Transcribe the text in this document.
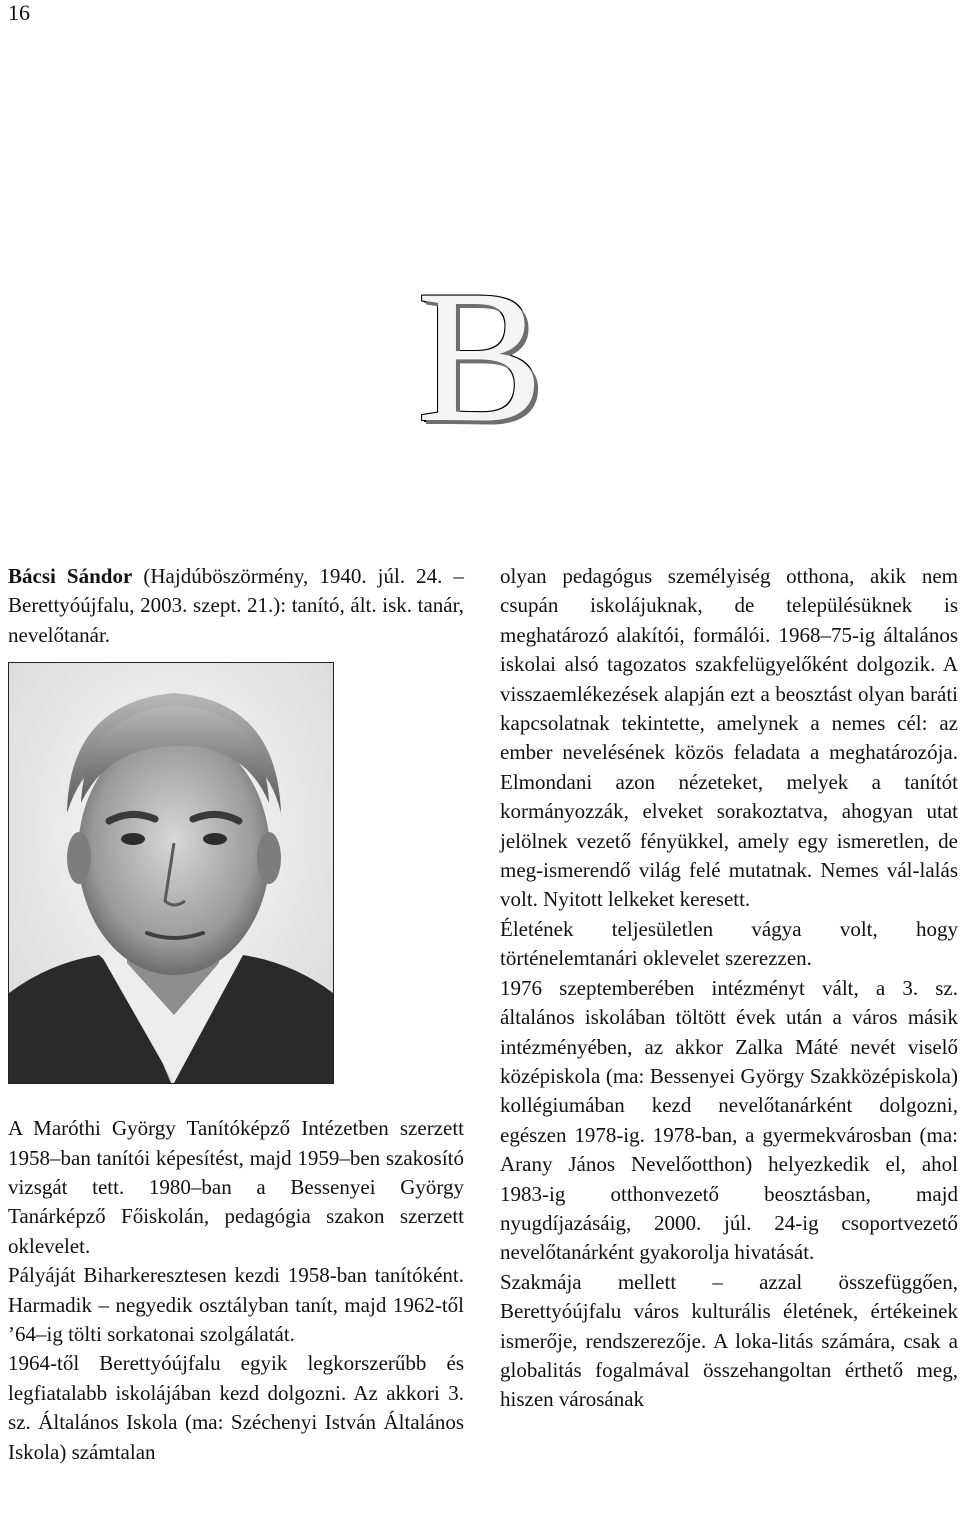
16
B

Bácsi Sándor (Hajdúböszörmény, 1940. júl. 24. – Berettyóújfalu, 2003. szept. 21.): tanító, ált. isk. tanár, nevelőtanár.

A Maróthi György Tanítóképző Intézetben szerzett 1958–ban tanítói képesítést, majd 1959–ben szakosító vizsgát tett. 1980–ban a Bessenyei György Tanárképző Főiskolán, pedagógia szakon szerzett oklevelet.

Pályáját Biharkeresztesen kezdi 1958-ban tanítóként. Harmadik – negyedik osztályban tanít, majd 1962-től ’64–ig tölti sorkatonai szolgálatát.

1964-től Berettyóújfalu egyik legkorszerűbb és legfiatalabb iskolájában kezd dolgozni. Az akkori 3. sz. Általános Iskola (ma: Széchenyi István Általános Iskola) számtalan

olyan pedagógus személyiség otthona, akik nem csupán iskolájuknak, de településüknek is meghatározó alakítói, formálói. 1968–75-ig általános iskolai alsó tagozatos szakfelügyelőként dolgozik. A visszaemlékezések alapján ezt a beosztást olyan baráti kapcsolatnak tekintette, amelynek a nemes cél: az ember nevelésének közös feladata a meghatározója. Elmondani azon nézeteket, melyek a tanítót kormányozzák, elveket sorakoztatva, ahogyan utat jelölnek vezető fényükkel, amely egy ismeretlen, de meg-ismerendő világ felé mutatnak. Nemes vál-lalás volt. Nyitott lelkeket keresett.

Életének teljesületlen vágya volt, hogy történelemtanári oklevelet szerezzen.

1976 szeptemberében intézményt vált, a 3. sz. általános iskolában töltött évek után a város másik intézményében, az akkor Zalka Máté nevét viselő középiskola (ma: Bessenyei György Szakközépiskola) kollégiumában kezd nevelőtanárként dolgozni, egészen 1978-ig. 1978-ban, a gyermekvárosban (ma: Arany János Nevelőotthon) helyezkedik el, ahol 1983-ig otthonvezető beosztásban, majd nyugdíjazásáig, 2000. júl. 24-ig csoportvezető nevelőtanárként gyakorolja hivatását.

Szakmája mellett – azzal összefüggően, Berettyóújfalu város kulturális életének, értékeinek ismerője, rendszerezője. A loka-litás számára, csak a globalitás fogalmával összehangoltan érthető meg, hiszen városának
